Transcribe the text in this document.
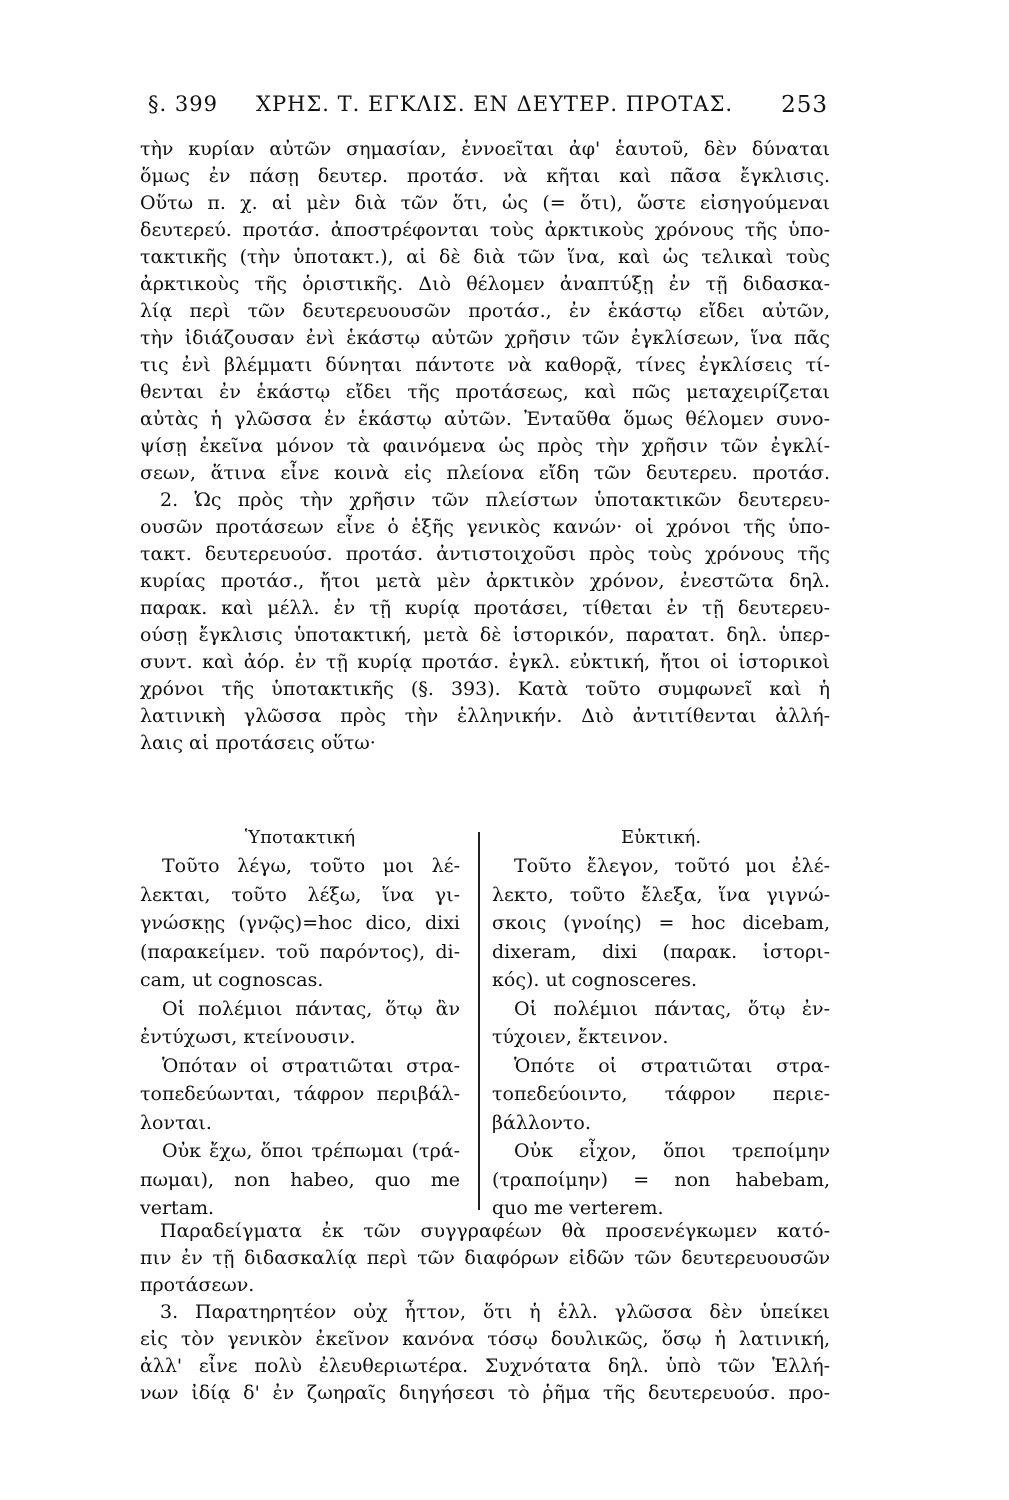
§. 399 ΧΡΗΣ. Τ. ΕΓΚΛΙΣ. ΕΝ ΔΕΥΤΕΡ. ΠΡΟΤΑΣ. 253
τὴν κυρίαν αὐτῶν σημασίαν, ἐννοεῖται ἀφ' ἑαυτοῦ, δὲν δύναται
ὅμως ἐν πάσῃ δευτερ. προτάσ. νὰ κῆται καὶ πᾶσα ἔγκλισις.
Οὕτω π. χ. αἱ μὲν διὰ τῶν ὅτι, ὡς (= ὅτι), ὥστε εἰσηγούμεναι
δευτερεύ. προτάσ. ἀποστρέφονται τοὺς ἀρκτικοὺς χρόνους τῆς ὑπο-
τακτικῆς (τὴν ὑποτακτ.), αἱ δὲ διὰ τῶν ἵνα, καὶ ὡς τελικαὶ τοὺς
ἀρκτικοὺς τῆς ὁριστικῆς. Διὸ θέλομεν ἀναπτύξῃ ἐν τῇ διδασκα-
λίᾳ περὶ τῶν δευτερευουσῶν προτάσ., ἐν ἑκάστῳ εἴδει αὐτῶν,
τὴν ἰδιάζουσαν ἐνὶ ἑκάστῳ αὐτῶν χρῆσιν τῶν ἐγκλίσεων, ἵνα πᾶς
τις ἐνὶ βλέμματι δύνηται πάντοτε νὰ καθορᾷ, τίνες ἐγκλίσεις τί-
θενται ἐν ἑκάστῳ εἴδει τῆς προτάσεως, καὶ πῶς μεταχειρίζεται
αὐτὰς ἡ γλῶσσα ἐν ἑκάστῳ αὐτῶν. Ἐνταῦθα ὅμως θέλομεν συνο-
ψίσῃ ἐκεῖνα μόνον τὰ φαινόμενα ὡς πρὸς τὴν χρῆσιν τῶν ἐγκλί-
σεων, ἅτινα εἶνε κοινὰ εἰς πλείονα εἴδη τῶν δευτερευ. προτάσ.
2. Ὡς πρὸς τὴν χρῆσιν τῶν πλείστων ὑποτακτικῶν δευτερευ-
ουσῶν προτάσεων εἶνε ὁ ἑξῆς γενικὸς κανών· οἱ χρόνοι τῆς ὑπο-
τακτ. δευτερευούσ. προτάσ. ἀντιστοιχοῦσι πρὸς τοὺς χρόνους τῆς
κυρίας προτάσ., ἤτοι μετὰ μὲν ἀρκτικὸν χρόνον, ἐνεστῶτα δηλ.
παρακ. καὶ μέλλ. ἐν τῇ κυρίᾳ προτάσει, τίθεται ἐν τῇ δευτερευ-
ούσῃ ἔγκλισις ὑποτακτική, μετὰ δὲ ἱστορικόν, παρατατ. δηλ. ὑπερ-
συντ. καὶ ἀόρ. ἐν τῇ κυρίᾳ προτάσ. ἐγκλ. εὐκτική, ἤτοι οἱ ἱστορικοὶ
χρόνοι τῆς ὑποτακτικῆς (§. 393). Κατὰ τοῦτο συμφωνεῖ καὶ ἡ
λατινικὴ γλῶσσα πρὸς τὴν ἑλληνικήν. Διὸ ἀντιτίθενται ἀλλή-
λαις αἱ προτάσεις οὕτω·
Ὑποτακτική
Τοῦτο λέγω, τοῦτο μοι λέ-
λεκται, τοῦτο λέξω, ἵνα γι-
γνώσκῃς (γνῷς)=hoc dico, dixi
(παρακείμεν. τοῦ παρόντος), di-
cam, ut cognoscas.
Οἱ πολέμιοι πάντας, ὅτῳ ἂν
ἐντύχωσι, κτείνουσιν.
Ὁπόταν οἱ στρατιῶται στρα-
τοπεδεύωνται, τάφρον περιβάλ-
λονται.
Οὐκ ἔχω, ὅποι τρέπωμαι (τρά-
πωμαι), non habeo, quo me
vertam.
Εὐκτική.
Τοῦτο ἔλεγον, τοῦτό μοι ἐλέ-
λεκτο, τοῦτο ἔλεξα, ἵνα γιγνώ-
σκοις (γνοίης) = hoc dicebam,
dixeram, dixi (παρακ. ἱστορι-
κός). ut cognosceres.
Οἱ πολέμιοι πάντας, ὅτῳ ἐν-
τύχοιεν, ἔκτεινον.
Ὁπότε οἱ στρατιῶται στρα-
τοπεδεύοιντο, τάφρον περιε-
βάλλοντο.
Οὐκ εἶχον, ὅποι τρεποίμην
(τραποίμην) = non habebam,
quo me verterem.
Παραδείγματα ἐκ τῶν συγγραφέων θὰ προσενέγκωμεν κατό-
πιν ἐν τῇ διδασκαλίᾳ περὶ τῶν διαφόρων εἰδῶν τῶν δευτερευουσῶν
προτάσεων.
3. Παρατηρητέον οὐχ ἧττον, ὅτι ἡ ἑλλ. γλῶσσα δὲν ὑπείκει
εἰς τὸν γενικὸν ἐκεῖνον κανόνα τόσῳ δουλικῶς, ὅσῳ ἡ λατινική,
ἀλλ' εἶνε πολὺ ἐλευθεριωτέρα. Συχνότατα δηλ. ὑπὸ τῶν Ἑλλή-
νων ἰδίᾳ δ' ἐν ζωηραῖς διηγήσεσι τὸ ῥῆμα τῆς δευτερευούσ. προ-
